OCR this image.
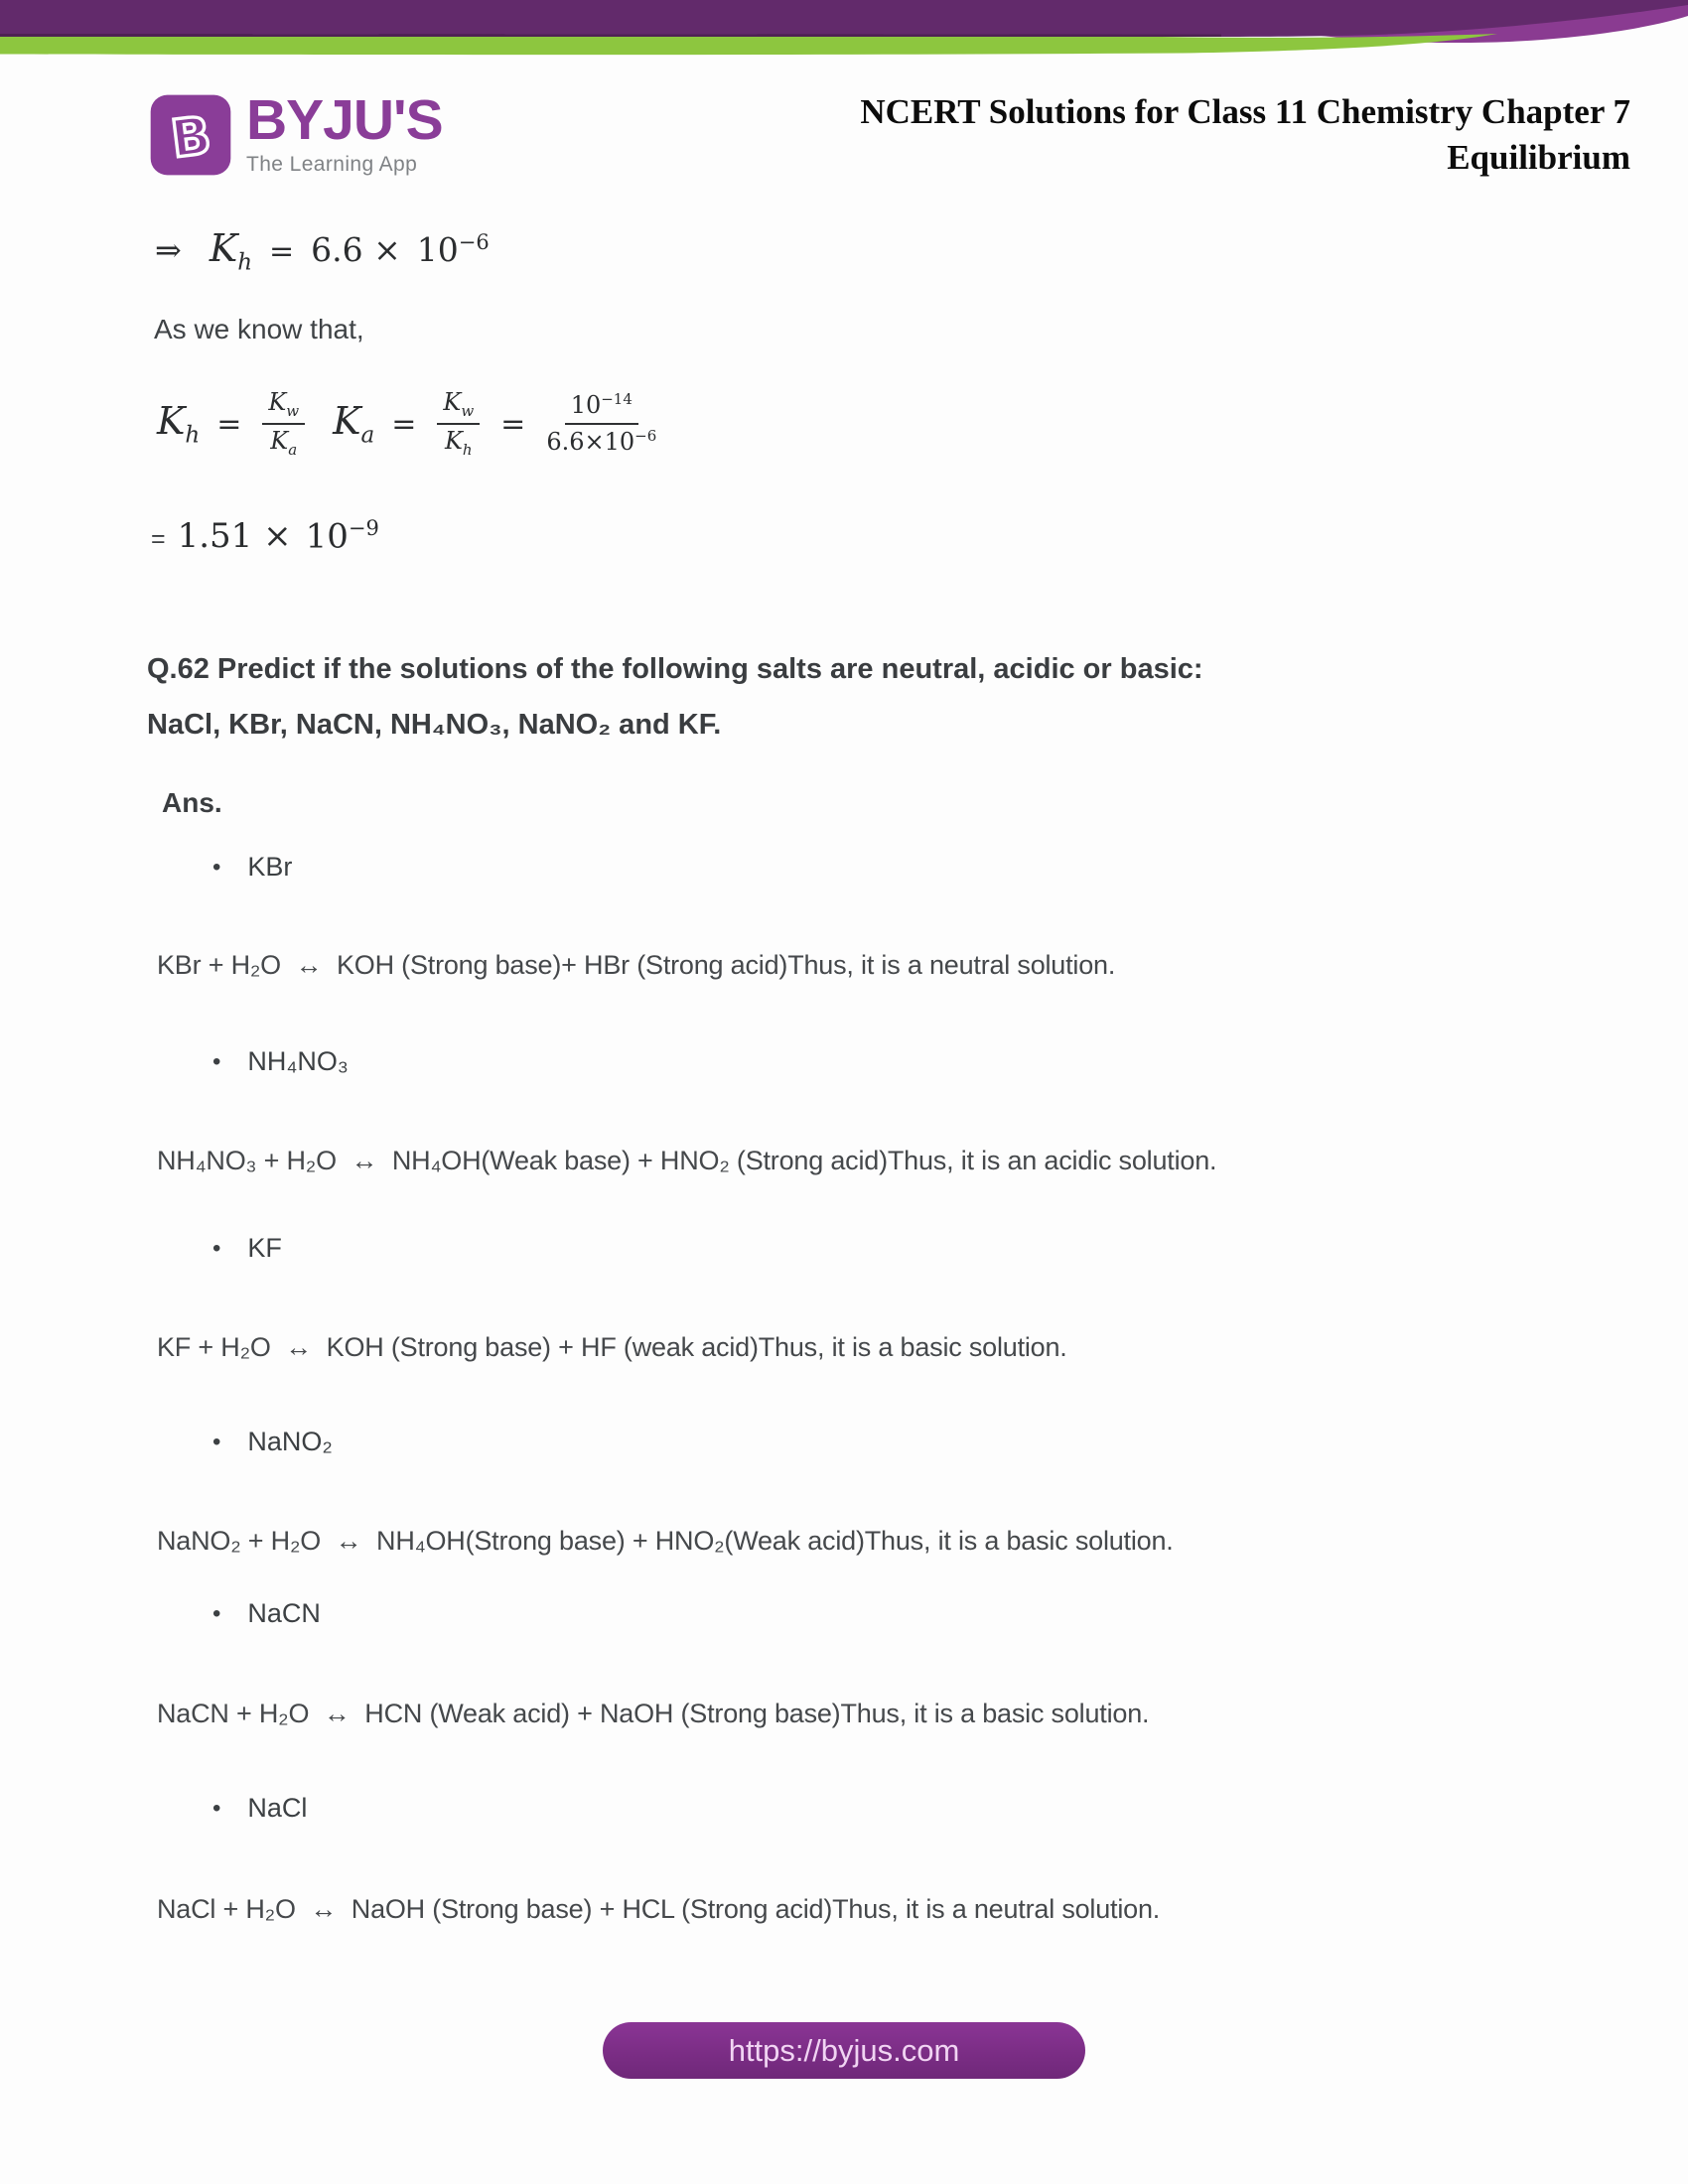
B BYJU'S
The Learning App
NCERT Solutions for Class 11 Chemistry Chapter 7
Equilibrium
⇒ $K_h = 6.6 \times 10^{-6}$
As we know that,
$K_h = \frac{K_w}{K_a} K_a = \frac{K_w}{K_h} = \frac{10^{-14}}{6.6\times 10^{-6}}$
= $1.51 \times 10^{-9}$
Q.62 Predict if the solutions of the following salts are neutral, acidic or basic:
NaCl, KBr, NaCN, NH₄NO₃, NaNO₂ and KF.
Ans.
• KBr
KBr + H₂O  ↔  KOH (Strong base)+ HBr (Strong acid)Thus, it is a neutral solution.
• NH₄NO₃
NH₄NO₃ + H₂O  ↔  NH₄OH(Weak base) + HNO₂ (Strong acid)Thus, it is an acidic solution.
• KF
KF + H₂O  ↔  KOH (Strong base) + HF (weak acid)Thus, it is a basic solution.
• NaNO₂
NaNO₂ + H₂O  ↔  NH₄OH(Strong base) + HNO₂(Weak acid)Thus, it is a basic solution.
• NaCN
NaCN + H₂O  ↔  HCN (Weak acid) + NaOH (Strong base)Thus, it is a basic solution.
• NaCl
NaCl + H₂O  ↔  NaOH (Strong base) + HCL (Strong acid)Thus, it is a neutral solution.
https://byjus.com
